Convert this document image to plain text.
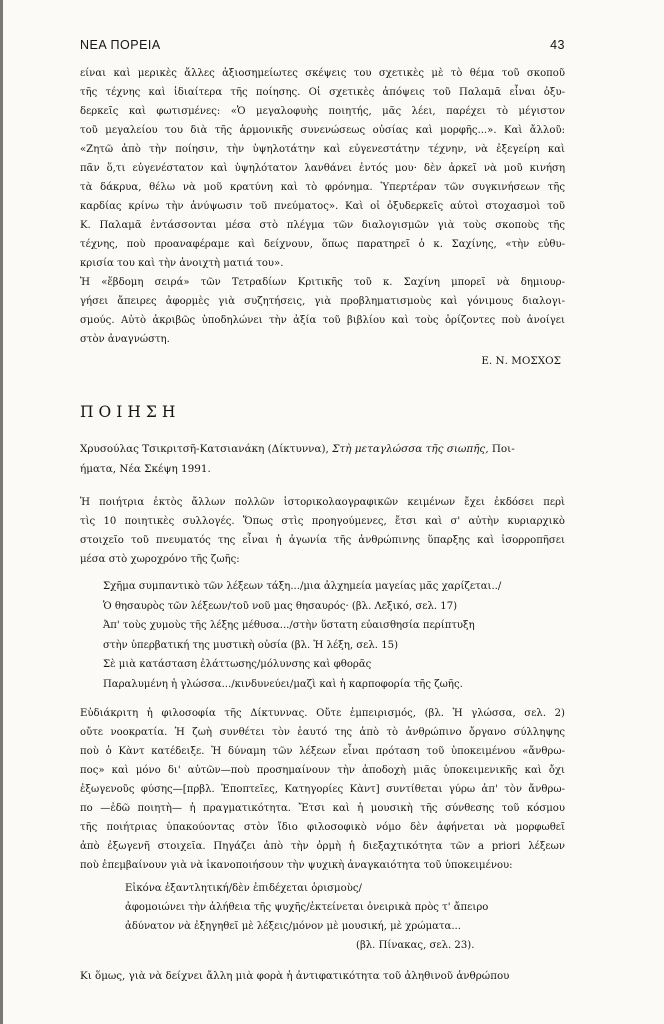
ΝΕΑ ΠΟΡΕΙΑ	43

είναι καὶ μερικὲς ἄλλες ἀξιοσημείωτες σκέψεις του σχετικὲς μὲ τὸ θέμα τοῦ σκοποῦ

τῆς τέχνης καὶ ἰδιαίτερα τῆς ποίησης. Οἱ σχετικὲς ἀπόψεις τοῦ Παλαμᾶ εἶναι ὀξυ-

δερκεῖς καὶ φωτισμένες: «Ὁ μεγαλοφυὴς ποιητής, μᾶς λέει, παρέχει τὸ μέγιστον

τοῦ μεγαλείου του διὰ τῆς ἁρμονικῆς συνενώσεως οὐσίας καὶ μορφῆς...». Καὶ ἄλλοῦ:

«Ζητῶ ἀπὸ τὴν ποίησιν, τὴν ὑψηλοτάτην καὶ εὐγενεστάτην τέχνην, νὰ ἐξεγείρη καὶ

πᾶν ὅ,τι εὐγενέστατον καὶ ὑψηλότατον λανθάνει ἐντός μου· δὲν ἀρκεῖ νὰ μοῦ κινήση

τὰ δάκρυα, θέλω νὰ μοῦ κρατύνη καὶ τὸ φρόνημα. Ὑπερτέραν τῶν συγκινήσεων τῆς

καρδίας κρίνω τὴν ἀνύψωσιν τοῦ πνεύματος». Καὶ οἱ ὀξυδερκεῖς αὐτοὶ στοχασμοὶ τοῦ

Κ. Παλαμᾶ ἐντάσσονται μέσα στὸ πλέγμα τῶν διαλογισμῶν γιὰ τοὺς σκοποὺς τῆς

τέχνης, ποὺ προαναφέραμε καὶ δείχνουν, ὅπως παρατηρεῖ ὁ κ. Σαχίνης, «τὴν εὐθυ-

κρισία του καὶ τὴν ἀνοιχτὴ ματιά του».

Ἡ «ἕβδομη σειρά» τῶν Τετραδίων Κριτικῆς τοῦ κ. Σαχίνη μπορεῖ νὰ δημιουρ-

γήσει ἄπειρες ἀφορμὲς γιὰ συζητήσεις, γιὰ προβληματισμοὺς καὶ γόνιμους διαλογι-

σμούς. Αὐτὸ ἀκριβῶς ὑποδηλώνει τὴν ἀξία τοῦ βιβλίου καὶ τοὺς ὁρίζοντες ποὺ ἀνοίγει

στὸν ἀναγνώστη.

Ε. Ν. ΜΟΣΧΟΣ
ΠΟΙΗΣΗ
Χρυσούλας Τσικριτσῆ-Κατσιανάκη (Δίκτυννα), Στὴ μεταγλώσσα τῆς σιωπῆς, Ποι-
ήματα, Νέα Σκέψη 1991.

Ἡ ποιήτρια ἐκτὸς ἄλλων πολλῶν ἱστορικολαογραφικῶν κειμένων ἔχει ἐκδόσει περὶ

τὶς 10 ποιητικὲς συλλογές. Ὅπως στὶς προηγούμενες, ἔτσι καὶ σ' αὐτὴν κυριαρχικὸ

στοιχεῖο τοῦ πνευματός της εἶναι ἡ ἀγωνία τῆς ἀνθρώπινης ὕπαρξης καὶ ἰσορροπῆσει

μέσα στὸ χωροχρόνο τῆς ζωῆς:

Σχῆμα συμπαντικὸ τῶν λέξεων τάξη.../μια ἀλχημεία μαγείας μᾶς χαρίζεται../

Ὁ θησαυρὸς τῶν λέξεων/τοῦ νοῦ μας θησαυρός· (βλ. Λεξικό, σελ. 17)

Ἀπ' τοὺς χυμοὺς τῆς λέξης μέθυσα.../στὴν ὕστατη εὐαισθησία περίπτυξη

στὴν ὑπερβατική της μυστικὴ οὐσία (βλ. Ἡ λέξη, σελ. 15)

Σὲ μιὰ κατάσταση ἐλάττωσης/μόλυνσης καὶ φθορᾶς

Παραλυμένη ἡ γλώσσα.../κινδυνεύει/μαζὶ καὶ ἡ καρποφορία τῆς ζωῆς.

Εὐδιάκριτη ἡ φιλοσοφία τῆς Δίκτυννας. Οὔτε ἐμπειρισμός, (βλ. Ἡ γλώσσα, σελ. 2)

οὔτε νοοκρατία. Ἡ ζωὴ συνθέτει τὸν ἑαυτό της ἀπὸ τὸ ἀνθρώπινο ὄργανο σύλληψης

ποὺ ὁ Κὰντ κατέδειξε. Ἡ δύναμη τῶν λέξεων εἶναι πρόταση τοῦ ὑποκειμένου «ἄνθρω-

πος» καὶ μόνο δι' αὐτῶν—ποὺ προσημαίνουν τὴν ἀποδοχὴ μιᾶς ὑποκειμενικῆς καὶ ὄχι

ἐξωγενοῦς φύσης—[πρβλ. Ἐποπτεῖες, Κατηγορίες Κὰντ] συντίθεται γύρω ἀπ' τὸν ἄνθρω-

πο —ἐδῶ ποιητὴ— ἡ πραγματικότητα. Ἔτσι καὶ ἡ μουσικὴ τῆς σύνθεσης τοῦ κόσμου

τῆς ποιήτριας ὑπακούοντας στὸν ἴδιο φιλοσοφικὸ νόμο δὲν ἀφήνεται νὰ μορφωθεῖ

ἀπὸ ἐξωγενῆ στοιχεῖα. Πηγάζει ἀπὸ τὴν ὁρμὴ ἡ διεξαχτικότητα τῶν a priori λέξεων

ποὺ ἐπεμβαίνουν γιὰ νὰ ἱκανοποιήσουν τὴν ψυχικὴ ἀναγκαιότητα τοῦ ὑποκειμένου:

Εἰκόνα ἐξαντλητική/δὲν ἐπιδέχεται ὁρισμοὺς/

ἀφομοιώνει τὴν ἀλήθεια τῆς ψυχῆς/ἐκτείνεται ὀνειρικὰ πρὸς τ' ἄπειρο

ἀδύνατον νὰ ἐξηγηθεῖ μὲ λέξεις/μόνον μὲ μουσική, μὲ χρώματα...

(βλ. Πίνακας, σελ. 23).

Κι ὅμως, γιὰ νὰ δείχνει ἄλλη μιὰ φορὰ ἡ ἀντιφατικότητα τοῦ ἀληθινοῦ ἀνθρώπου
